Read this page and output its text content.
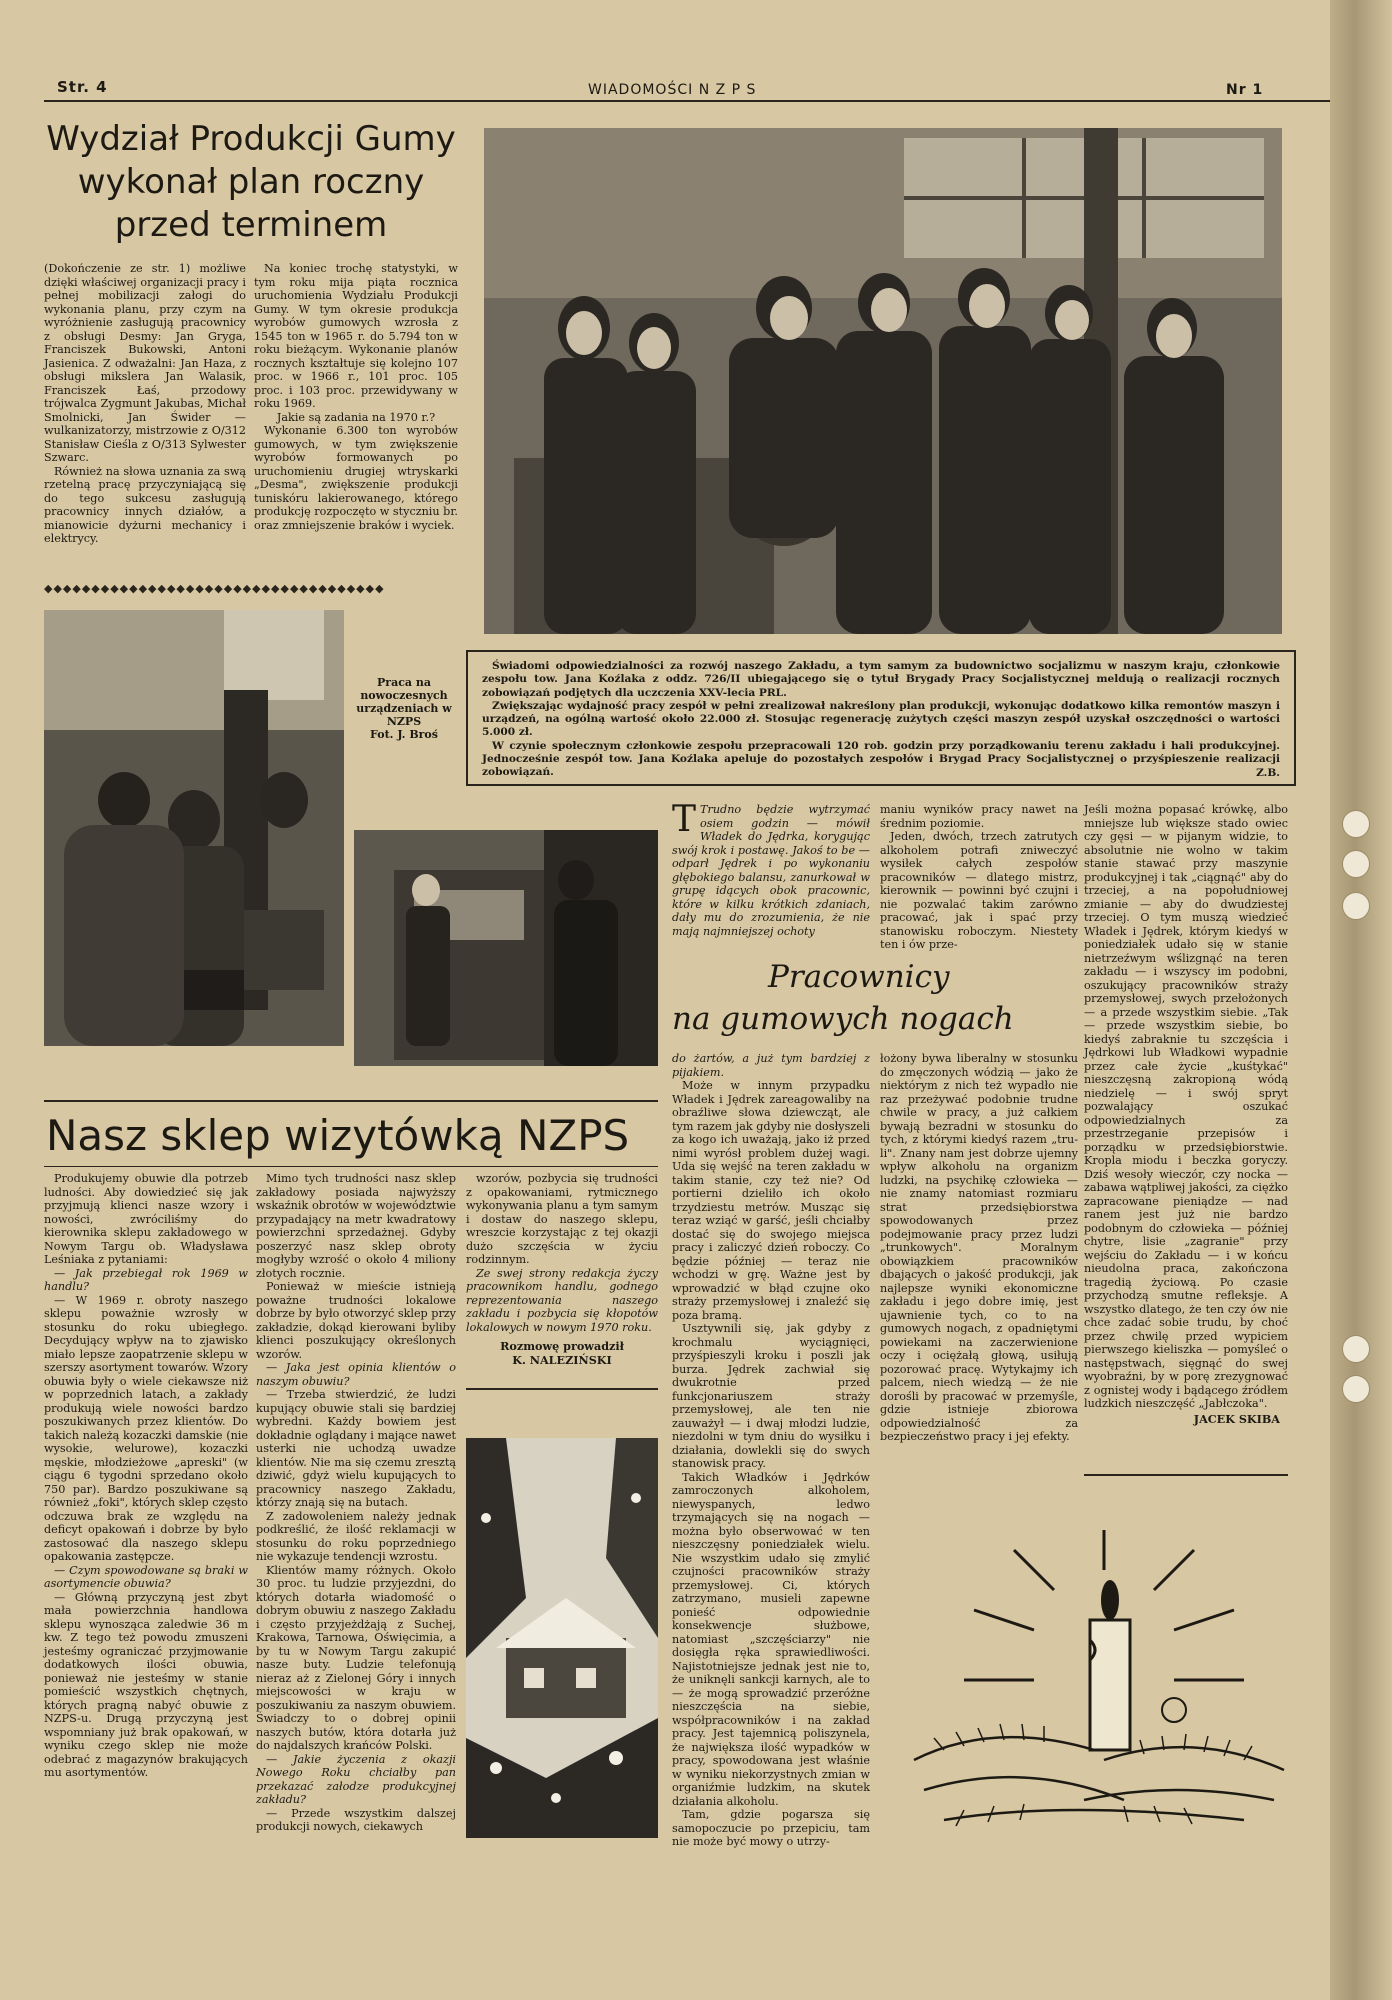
Str. 4	WIADOMOŚCI N Z P S	Nr 1
Wydział Produkcji Gumy
wykonał plan roczny
przed terminem

(Dokończenie ze str. 1) możliwe dzięki właściwej organizacji pracy i pełnej mobilizacji załogi do wykonania planu, przy czym na wyróżnienie zasługują pracownicy z obsługi Desmy: Jan Gryga, Franciszek Bukowski, Antoni Jasienica. Z odważalni: Jan Haza, z obsługi mikslera Jan Walasik, Franciszek Łaś, przodowy trójwalca Zygmunt Jakubas, Michał Smolnicki, Jan Świder — wulkanizatorzy, mistrzowie z O/312 Stanisław Cieśla z O/313 Sylwester Szwarc.

Również na słowa uznania za swą rzetelną pracę przyczyniającą się do tego sukcesu zasługują pracownicy innych działów, a mianowicie dyżurni mechanicy i elektrycy.

Na koniec trochę statystyki, w tym roku mija piąta rocznica uruchomienia Wydziału Produkcji Gumy. W tym okresie produkcja wyrobów gumowych wzrosła z 1545 ton w 1965 r. do 5.794 ton w roku bieżącym. Wykonanie planów rocznych kształtuje się kolejno 107 proc. w 1966 r., 101 proc. 105 proc. i 103 proc. przewidywany w roku 1969.

Jakie są zadania na 1970 r.?

Wykonanie 6.300 ton wyrobów gumowych, w tym zwiększenie wyrobów formowanych po uruchomieniu drugiej wtryskarki „Desma", zwiększenie produkcji tuniskóru lakierowanego, którego produkcję rozpoczęto w styczniu br. oraz zmniejszenie braków i wyciek.

◆◆◆◆◆◆◆◆◆◆◆◆◆◆◆◆◆◆◆◆◆◆◆◆◆◆◆◆◆◆◆◆◆◆◆◆

Świadomi odpowiedzialności za rozwój naszego Zakładu, a tym samym za budownictwo socjalizmu w naszym kraju, członkowie zespołu tow. Jana Koźlaka z oddz. 726/II ubiegającego się o tytuł Brygady Pracy Socjalistycznej meldują o realizacji rocznych zobowiązań podjętych dla uczczenia XXV-lecia PRL.

Zwiększając wydajność pracy zespół w pełni zrealizował nakreślony plan produkcji, wykonując dodatkowo kilka remontów maszyn i urządzeń, na ogólną wartość około 22.000 zł. Stosując regenerację zużytych części maszyn zespół uzyskał oszczędności o wartości 5.000 zł.

W czynie społecznym członkowie zespołu przepracowali 120 rob. godzin przy porządkowaniu terenu zakładu i hali produkcyjnej. Jednocześnie zespół tow. Jana Koźlaka apeluje do pozostałych zespołów i Brygad Pracy Socjalistycznej o przyśpieszenie realizacji zobowiązań.	Z.B.

Praca na nowoczesnych urządzeniach w NZPS
Fot. J. Broś
Nasz sklep wizytówką NZPS

Produkujemy obuwie dla potrzeb ludności. Aby dowiedzieć się jak przyjmują klienci nasze wzory i nowości, zwróciliśmy do kierownika sklepu zakładowego w Nowym Targu ob. Władysława Leśniaka z pytaniami:

— Jak przebiegał rok 1969 w handlu?

— W 1969 r. obroty naszego sklepu poważnie wzrosły w stosunku do roku ubiegłego. Decydujący wpływ na to zjawisko miało lepsze zaopatrzenie sklepu w szerszy asortyment towarów. Wzory obuwia były o wiele ciekawsze niż w poprzednich latach, a zakłady produkują wiele nowości bardzo poszukiwanych przez klientów. Do takich należą kozaczki damskie (nie wysokie, welurowe), kozaczki męskie, młodzieżowe „apreski" (w ciągu 6 tygodni sprzedano około 750 par). Bardzo poszukiwane są również „foki", których sklep często odczuwa brak ze względu na deficyt opakowań i dobrze by było zastosować dla naszego sklepu opakowania zastępcze.

— Czym spowodowane są braki w asortymencie obuwia?

— Główną przyczyną jest zbyt mała powierzchnia handlowa sklepu wynosząca zaledwie 36 m kw. Z tego też powodu zmuszeni jesteśmy ograniczać przyjmowanie dodatkowych ilości obuwia, ponieważ nie jesteśmy w stanie pomieścić wszystkich chętnych, których pragną nabyć obuwie z NZPS-u. Drugą przyczyną jest wspomniany już brak opakowań, w wyniku czego sklep nie może odebrać z magazynów brakujących mu asortymentów.

Mimo tych trudności nasz sklep zakładowy posiada najwyższy wskaźnik obrotów w województwie przypadający na metr kwadratowy powierzchni sprzedażnej. Gdyby poszerzyć nasz sklep obroty mogłyby wzrość o około 4 miliony złotych rocznie.

Ponieważ w mieście istnieją poważne trudności lokalowe dobrze by było otworzyć sklep przy zakładzie, dokąd kierowani byliby klienci poszukujący określonych wzorów.

— Jaka jest opinia klientów o naszym obuwiu?

— Trzeba stwierdzić, że ludzi kupujący obuwie stali się bardziej wybredni. Każdy bowiem jest dokładnie oglądany i mające nawet usterki nie uchodzą uwadze klientów. Nie ma się czemu zresztą dziwić, gdyż wielu kupujących to pracownicy naszego Zakładu, którzy znają się na butach.

Z zadowoleniem należy jednak podkreślić, że ilość reklamacji w stosunku do roku poprzedniego nie wykazuje tendencji wzrostu.

Klientów mamy różnych. Około 30 proc. tu ludzie przyjezdni, do których dotarła wiadomość o dobrym obuwiu z naszego Zakładu i często przyjeżdżają z Suchej, Krakowa, Tarnowa, Oświęcimia, a by tu w Nowym Targu zakupić nasze buty. Ludzie telefonują nieraz aż z Zielonej Góry i innych miejscowości w kraju w poszukiwaniu za naszym obuwiem. Świadczy to o dobrej opinii naszych butów, która dotarła już do najdalszych krańców Polski.

— Jakie życzenia z okazji Nowego Roku chciałby pan przekazać załodze produkcyjnej zakładu?

— Przede wszystkim dalszej produkcji nowych, ciekawych

wzorów, pozbycia się trudności z opakowaniami, rytmicznego wykonywania planu a tym samym i dostaw do naszego sklepu, wreszcie korzystając z tej okazji dużo szczęścia w życiu rodzinnym.

Ze swej strony redakcja życzy pracownikom handlu, godnego reprezentowania naszego zakładu i pozbycia się kłopotów lokalowych w nowym 1970 roku.

Rozmowę prowadził
K. NALEZIŃSKI

T Trudno będzie wytrzymać osiem godzin — mówił Władek do Jędrka, korygując swój krok i postawę. Jakoś to be — odparł Jędrek i po wykonaniu głębokiego balansu, zanurkował w grupę idących obok pracownic, które w kilku krótkich zdaniach, dały mu do zrozumienia, że nie mają najmniejszej ochoty

Pracownicy
na gumowych nogach

do żartów, a już tym bardziej z pijakiem.

Może w innym przypadku Władek i Jędrek zareagowaliby na obraźliwe słowa dziewcząt, ale tym razem jak gdyby nie dosłyszeli za kogo ich uważają, jako iż przed nimi wyrósł problem dużej wagi. Uda się wejść na teren zakładu w takim stanie, czy też nie? Od portierni dzieliło ich około trzydziestu metrów. Musząc się teraz wziąć w garść, jeśli chciałby dostać się do swojego miejsca pracy i zaliczyć dzień roboczy. Co będzie później — teraz nie wchodzi w grę. Ważne jest by wprowadzić w błąd czujne oko straży przemysłowej i znaleźć się poza bramą.

Usztywnili się, jak gdyby z krochmalu wyciągnięci, przyśpieszyli kroku i poszli jak burza. Jędrek zachwiał się dwukrotnie przed funkcjonariuszem straży przemysłowej, ale ten nie zauważył — i dwaj młodzi ludzie, niezdolni w tym dniu do wysiłku i działania, dowlekli się do swych stanowisk pracy.

Takich Władków i Jędrków zamroczonych alkoholem, niewyspanych, ledwo trzymających się na nogach — można było obserwować w ten nieszczęsny poniedziałek wielu. Nie wszystkim udało się zmylić czujności pracowników straży przemysłowej. Ci, których zatrzymano, musieli zapewne ponieść odpowiednie konsekwencje służbowe, natomiast „szczęściarzy" nie dosięgła ręka sprawiedliwości. Najistotniejsze jednak jest nie to, że uniknęli sankcji karnych, ale to — że mogą sprowadzić przeróżne nieszczęścia na siebie, współpracowników i na zakład pracy. Jest tajemnicą poliszynela, że największa ilość wypadków w pracy, spowodowana jest właśnie w wyniku niekorzystnych zmian w organiźmie ludzkim, na skutek działania alkoholu.

Tam, gdzie pogarsza się samopoczucie po przepiciu, tam nie może być mowy o utrzy-

maniu wyników pracy nawet na średnim poziomie.

Jeden, dwóch, trzech zatrutych alkoholem potrafi zniweczyć wysiłek całych zespołów pracowników — dlatego mistrz, kierownik — powinni być czujni i nie pozwalać takim zarówno pracować, jak i spać przy stanowisku roboczym. Niestety ten i ów prze-

łożony bywa liberalny w stosunku do zmęczonych wódzią — jako że niektórym z nich też wypadło nie raz przeżywać podobnie trudne chwile w pracy, a już całkiem bywają bezradni w stosunku do tych, z którymi kiedyś razem „tru-li". Znany nam jest dobrze ujemny wpływ alkoholu na organizm ludzki, na psychikę człowieka — nie znamy natomiast rozmiaru strat przedsiębiorstwa spowodowanych przez podejmowanie pracy przez ludzi „trunkowych". Moralnym obowiązkiem pracowników dbających o jakość produkcji, jak najlepsze wyniki ekonomiczne zakładu i jego dobre imię, jest ujawnienie tych, co to na gumowych nogach, z opadniętymi powiekami na zaczerwienione oczy i ociężałą głową, usiłują pozorować pracę. Wytykajmy ich palcem, niech wiedzą — że nie dorośli by pracować w przemyśle, gdzie istnieje zbiorowa odpowiedzialność za bezpieczeństwo pracy i jej efekty.

Jeśli można popasać krówkę, albo mniejsze lub większe stado owiec czy gęsi — w pijanym widzie, to absolutnie nie wolno w takim stanie stawać przy maszynie produkcyjnej i tak „ciągnąć" aby do trzeciej, a na popołudniowej zmianie — aby do dwudziestej trzeciej. O tym muszą wiedzieć Władek i Jędrek, którym kiedyś w poniedziałek udało się w stanie nietrzeźwym wślizgnąć na teren zakładu — i wszyscy im podobni, oszukujący pracowników straży przemysłowej, swych przełożonych — a przede wszystkim siebie. „Tak — przede wszystkim siebie, bo kiedyś zabraknie tu szczęścia i Jędrkowi lub Władkowi wypadnie przez całe życie „kuśtykać" nieszczęsną zakropioną wódą niedzielę — i swój spryt pozwalający oszukać odpowiedzialnych za przestrzeganie przepisów i porządku w przedsiębiorstwie. Kropla miodu i beczka goryczy. Dziś wesoły wieczór, czy nocka — zabawa wątpliwej jakości, za ciężko zapracowane pieniądze — nad ranem jest już nie bardzo podobnym do człowieka — później chytre, lisie „zagranie" przy wejściu do Zakładu — i w końcu nieudolna praca, zakończona tragedią życiową. Po czasie przychodzą smutne refleksje. A wszystko dlatego, że ten czy ów nie chce zadać sobie trudu, by choć przez chwilę przed wypiciem pierwszego kieliszka — pomyśleć o następstwach, sięgnąć do swej wyobraźni, by w porę zrezygnować z ognistej wody i bądącego źródłem ludzkich nieszczęść „Jabłczoka".

JACEK SKIBA
